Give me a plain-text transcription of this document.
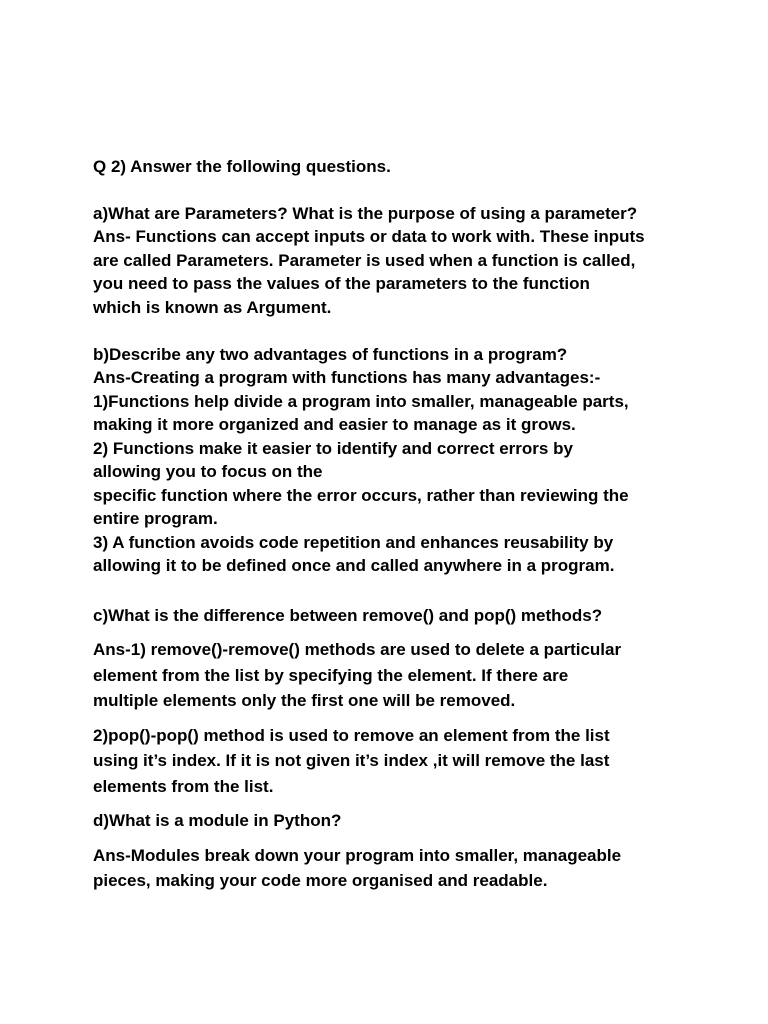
Q 2) Answer the following questions.

a)What are Parameters? What is the purpose of using a parameter?

Ans- Functions can accept inputs or data to work with. These inputs

are called Parameters. Parameter is used when a function is called,

you need to pass the values of the parameters to the function

which is known as Argument.

b)Describe any two advantages of functions in a program?

Ans-Creating a program with functions has many advantages:-

1)Functions help divide a program into smaller, manageable parts,

making it more organized and easier to manage as it grows.

2) Functions make it easier to identify and correct errors by

allowing you to focus on the

specific function where the error occurs, rather than reviewing the

entire program.

3) A function avoids code repetition and enhances reusability by

allowing it to be defined once and called anywhere in a program.

c)What is the difference between remove() and pop() methods?

Ans-1) remove()-remove() methods are used to delete a particular

element from the list by specifying the element. If there are

multiple elements only the first one will be removed.

2)pop()-pop() method is used to remove an element from the list

using it’s index. If it is not given it’s index ,it will remove the last

elements from the list.

d)What is a module in Python?

Ans-Modules break down your program into smaller, manageable

pieces, making your code more organised and readable.
